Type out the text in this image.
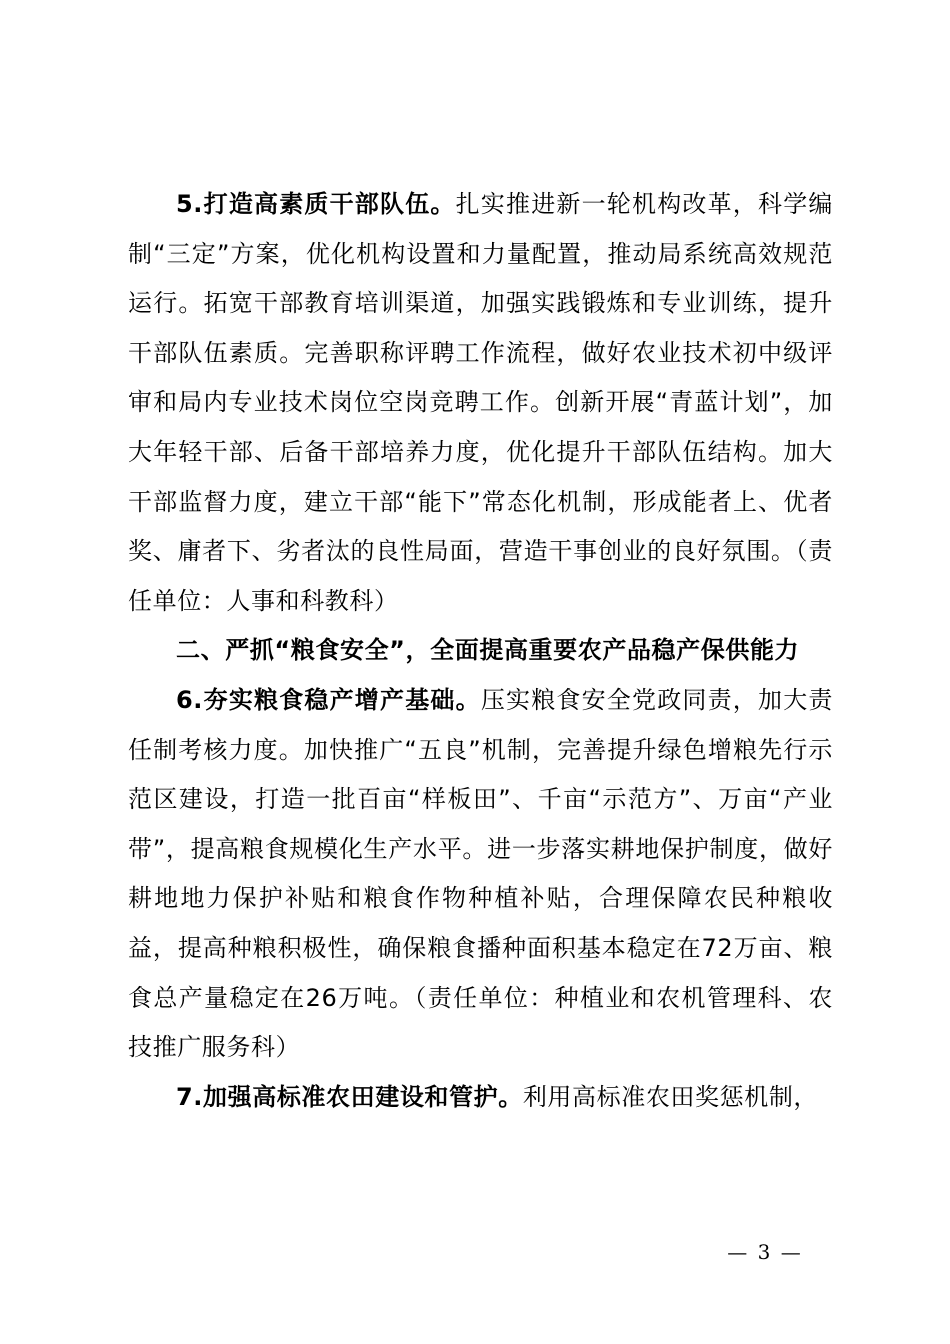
5.打造高素质干部队伍。扎实推进新一轮机构改革，科学编制“三定”方案，优化机构设置和力量配置，推动局系统高效规范运行。拓宽干部教育培训渠道，加强实践锻炼和专业训练，提升干部队伍素质。完善职称评聘工作流程，做好农业技术初中级评审和局内专业技术岗位空岗竞聘工作。创新开展“青蓝计划”，加大年轻干部、后备干部培养力度，优化提升干部队伍结构。加大干部监督力度，建立干部“能下”常态化机制，形成能者上、优者奖、庸者下、劣者汰的良性局面，营造干事创业的良好氛围。（责任单位：人事和科教科）

二、严抓“粮食安全”，全面提高重要农产品稳产保供能力

6.夯实粮食稳产增产基础。压实粮食安全党政同责，加大责任制考核力度。加快推广“五良”机制，完善提升绿色增粮先行示范区建设，打造一批百亩“样板田”、千亩“示范方”、万亩“产业带”，提高粮食规模化生产水平。进一步落实耕地保护制度，做好耕地地力保护补贴和粮食作物种植补贴，合理保障农民种粮收益，提高种粮积极性，确保粮食播种面积基本稳定在72万亩、粮食总产量稳定在26万吨。（责任单位：种植业和农机管理科、农技推广服务科）

7.加强高标准农田建设和管护。利用高标准农田奖惩机制，

— 3 —
